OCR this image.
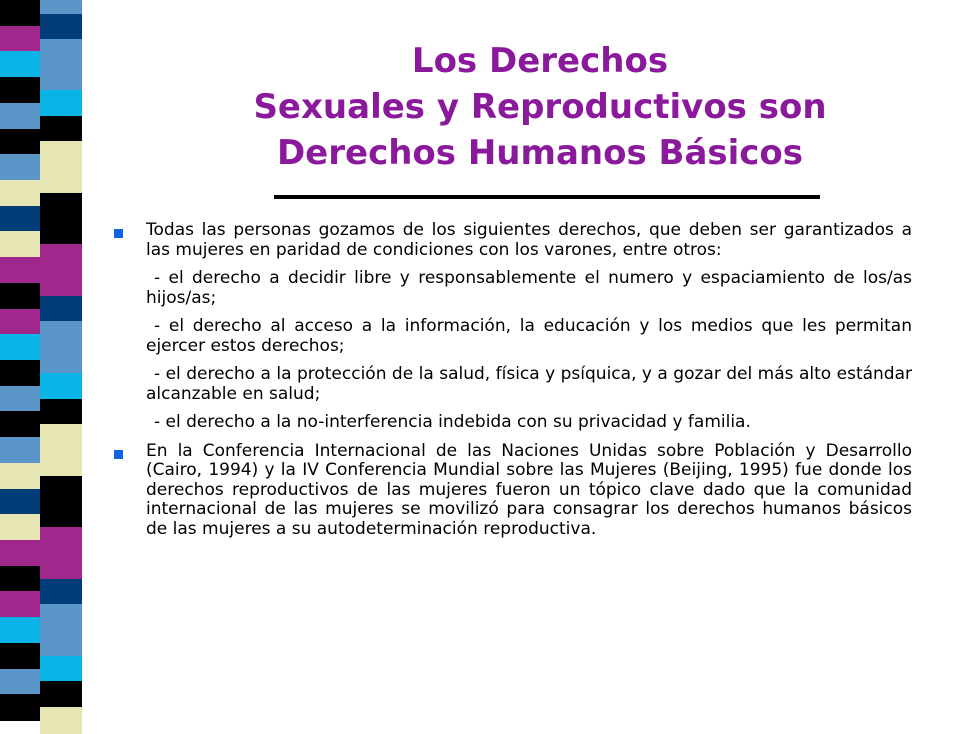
Los Derechos
Sexuales y Reproductivos son
Derechos Humanos Básicos
Todas las personas gozamos de los siguientes derechos, que deben ser garantizados a las mujeres en paridad de condiciones con los varones, entre otros:
- el derecho a decidir libre y responsablemente el numero y espaciamiento de los/as hijos/as;
- el derecho al acceso a la información, la educación y los medios que les permitan ejercer estos derechos;
- el derecho a la protección de la salud, física y psíquica, y a gozar del más alto estándar alcanzable en salud;
- el derecho a la no-interferencia indebida con su privacidad y familia.
En la Conferencia Internacional de las Naciones Unidas sobre Población y Desarrollo (Cairo, 1994) y la IV Conferencia Mundial sobre las Mujeres (Beijing, 1995) fue donde los derechos reproductivos de las mujeres fueron un tópico clave dado que la comunidad internacional de las mujeres se movilizó para consagrar los derechos humanos básicos de las mujeres a su autodeterminación reproductiva.
